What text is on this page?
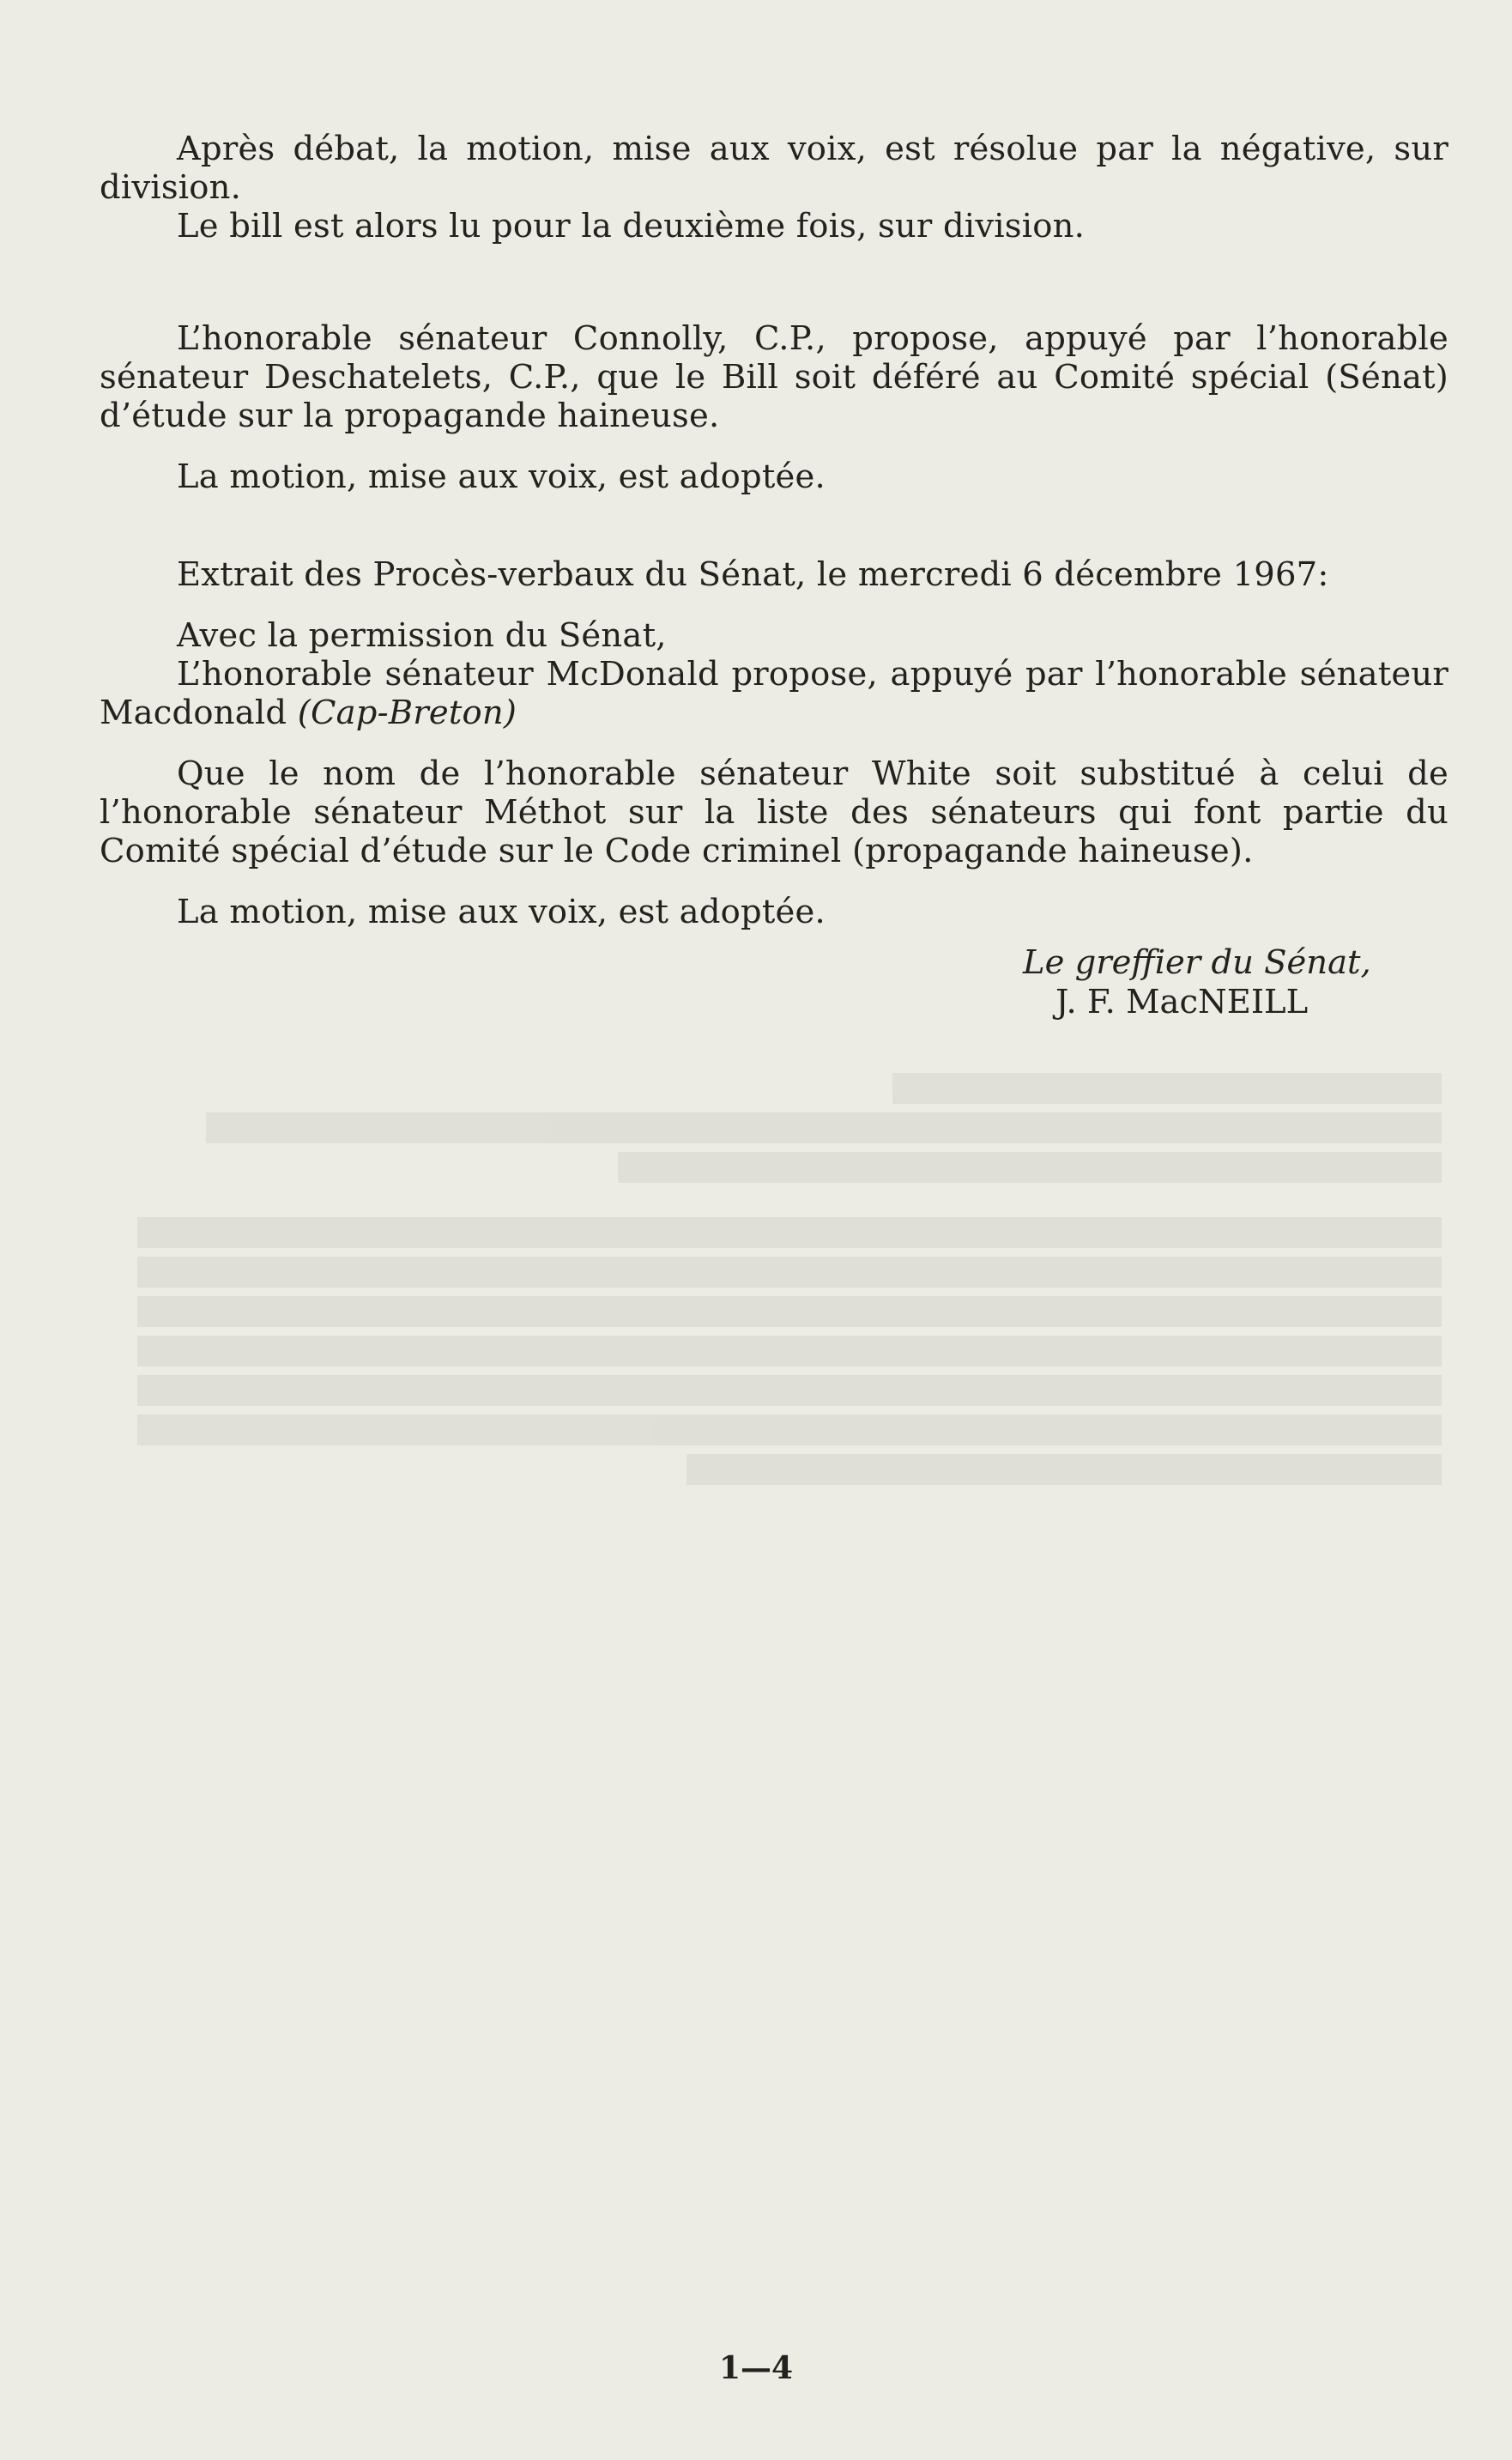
Après débat, la motion, mise aux voix, est résolue par la négative, sur division.

Le bill est alors lu pour la deuxième fois, sur division.

L’honorable sénateur Connolly, C.P., propose, appuyé par l’honorable sénateur Deschatelets, C.P., que le Bill soit déféré au Comité spécial (Sénat) d’étude sur la propagande haineuse.

La motion, mise aux voix, est adoptée.

Extrait des Procès-verbaux du Sénat, le mercredi 6 décembre 1967:

Avec la permission du Sénat,

L’honorable sénateur McDonald propose, appuyé par l’honorable sénateur Macdonald (Cap-Breton)

Que le nom de l’honorable sénateur White soit substitué à celui de l’honorable sénateur Méthot sur la liste des sénateurs qui font partie du Comité spécial d’étude sur le Code criminel (propagande haineuse).

La motion, mise aux voix, est adoptée.

Le greffier du Sénat,
J. F. MacNEILL
1—4
